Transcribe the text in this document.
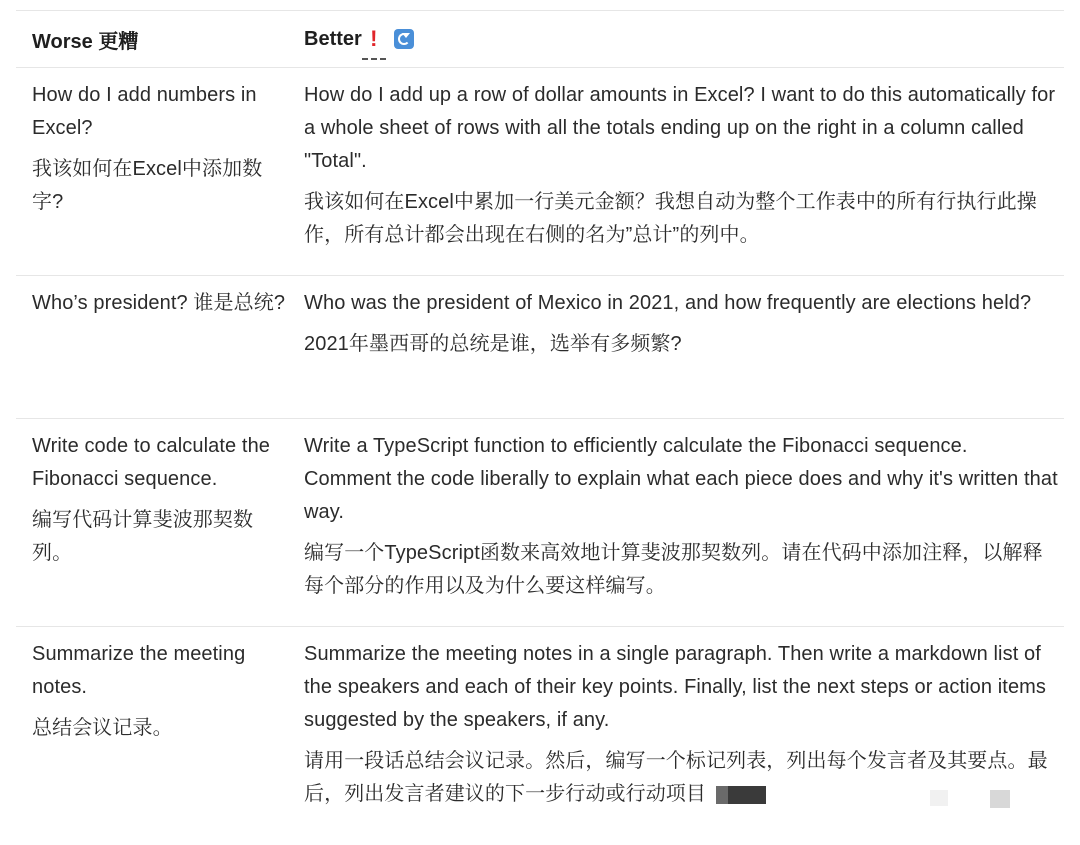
Worse 更糟	Better !

How do I add numbers in Excel?

我该如何在Excel中添加数字?

How do I add up a row of dollar amounts in Excel? I want to do this automatically for a whole sheet of rows with all the totals ending up on the right in a column called "Total".

我该如何在Excel中累加一行美元金额？我想自动为整个工作表中的所有行执行此操作，所有总计都会出现在右侧的名为”总计”的列中。

Who’s president? 谁是总统? Who was the president of Mexico in 2021, and how frequently are elections held?

2021年墨西哥的总统是谁，选举有多频繁?

Write code to calculate the Fibonacci sequence.

编写代码计算斐波那契数列。

Write a TypeScript function to efficiently calculate the Fibonacci sequence. Comment the code liberally to explain what each piece does and why it's written that way.

编写一个TypeScript函数来高效地计算斐波那契数列。请在代码中添加注释，以解释每个部分的作用以及为什么要这样编写。

Summarize the meeting notes.

总结会议记录。

Summarize the meeting notes in a single paragraph. Then write a markdown list of the speakers and each of their key points. Finally, list the next steps or action items suggested by the speakers, if any.

请用一段话总结会议记录。然后，编写一个标记列表，列出每个发言者及其要点。最后，列出发言者建议的下一步行动或行动项目
